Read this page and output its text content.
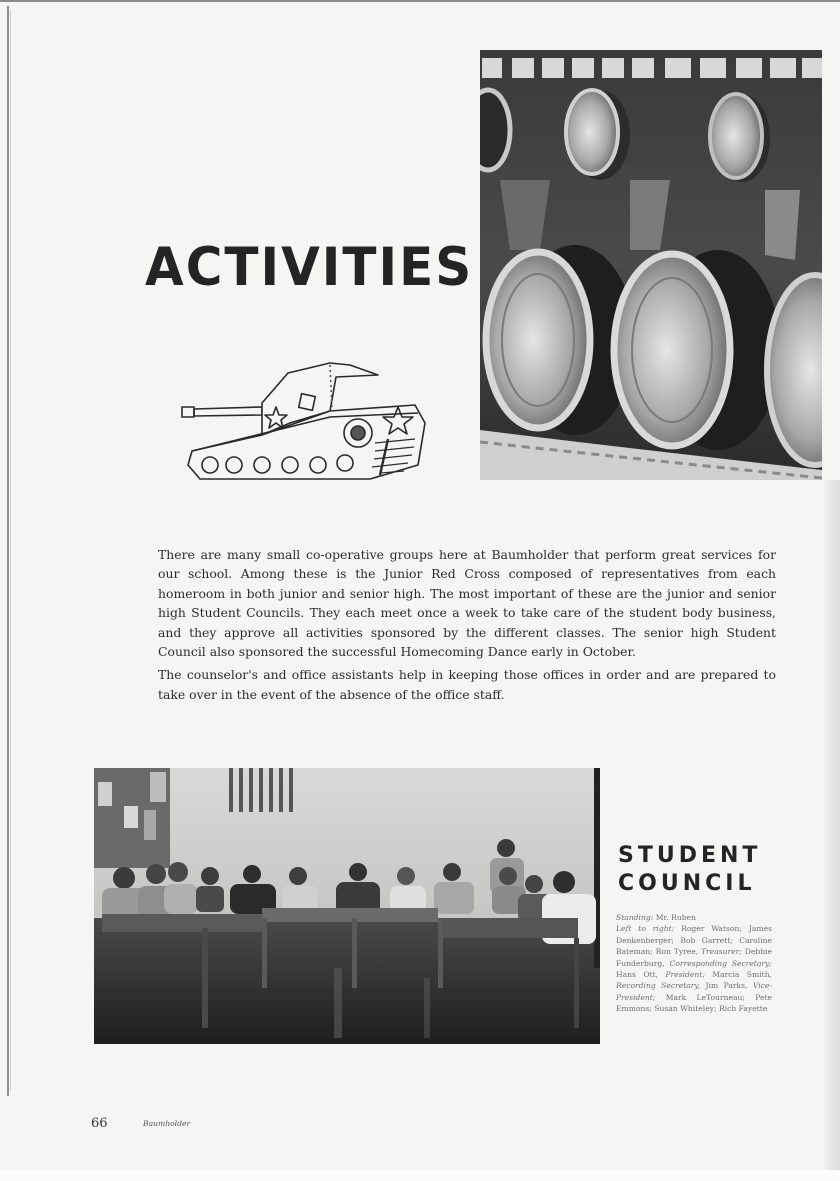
ACTIVITIES

There are many small co-operative groups here at Baumholder that perform great services for our school. Among these is the Junior Red Cross composed of representatives from each homeroom in both junior and senior high. The most important of these are the junior and senior high Student Councils. They each meet once a week to take care of the student body business, and they approve all activities sponsored by the different classes. The senior high Student Council also sponsored the successful Homecoming Dance early in October.

The counselor's and office assistants help in keeping those offices in order and are prepared to take over in the event of the absence of the office staff.

STUDENT
COUNCIL
Standing: Mr. Ruben
Left to right: Roger Watson; James Denkenberger; Bob Garrett; Caroline Bateman; Ron Tyree, Treasurer; Debbie Funderburg, Corresponding Secretary; Hans Ott, President; Marcia Smith, Recording Secretary, Jim Parks, Vice-President; Mark LeTourneau; Pete Emmons; Susan Whiteley; Rich Fayette
66	Baumholder
